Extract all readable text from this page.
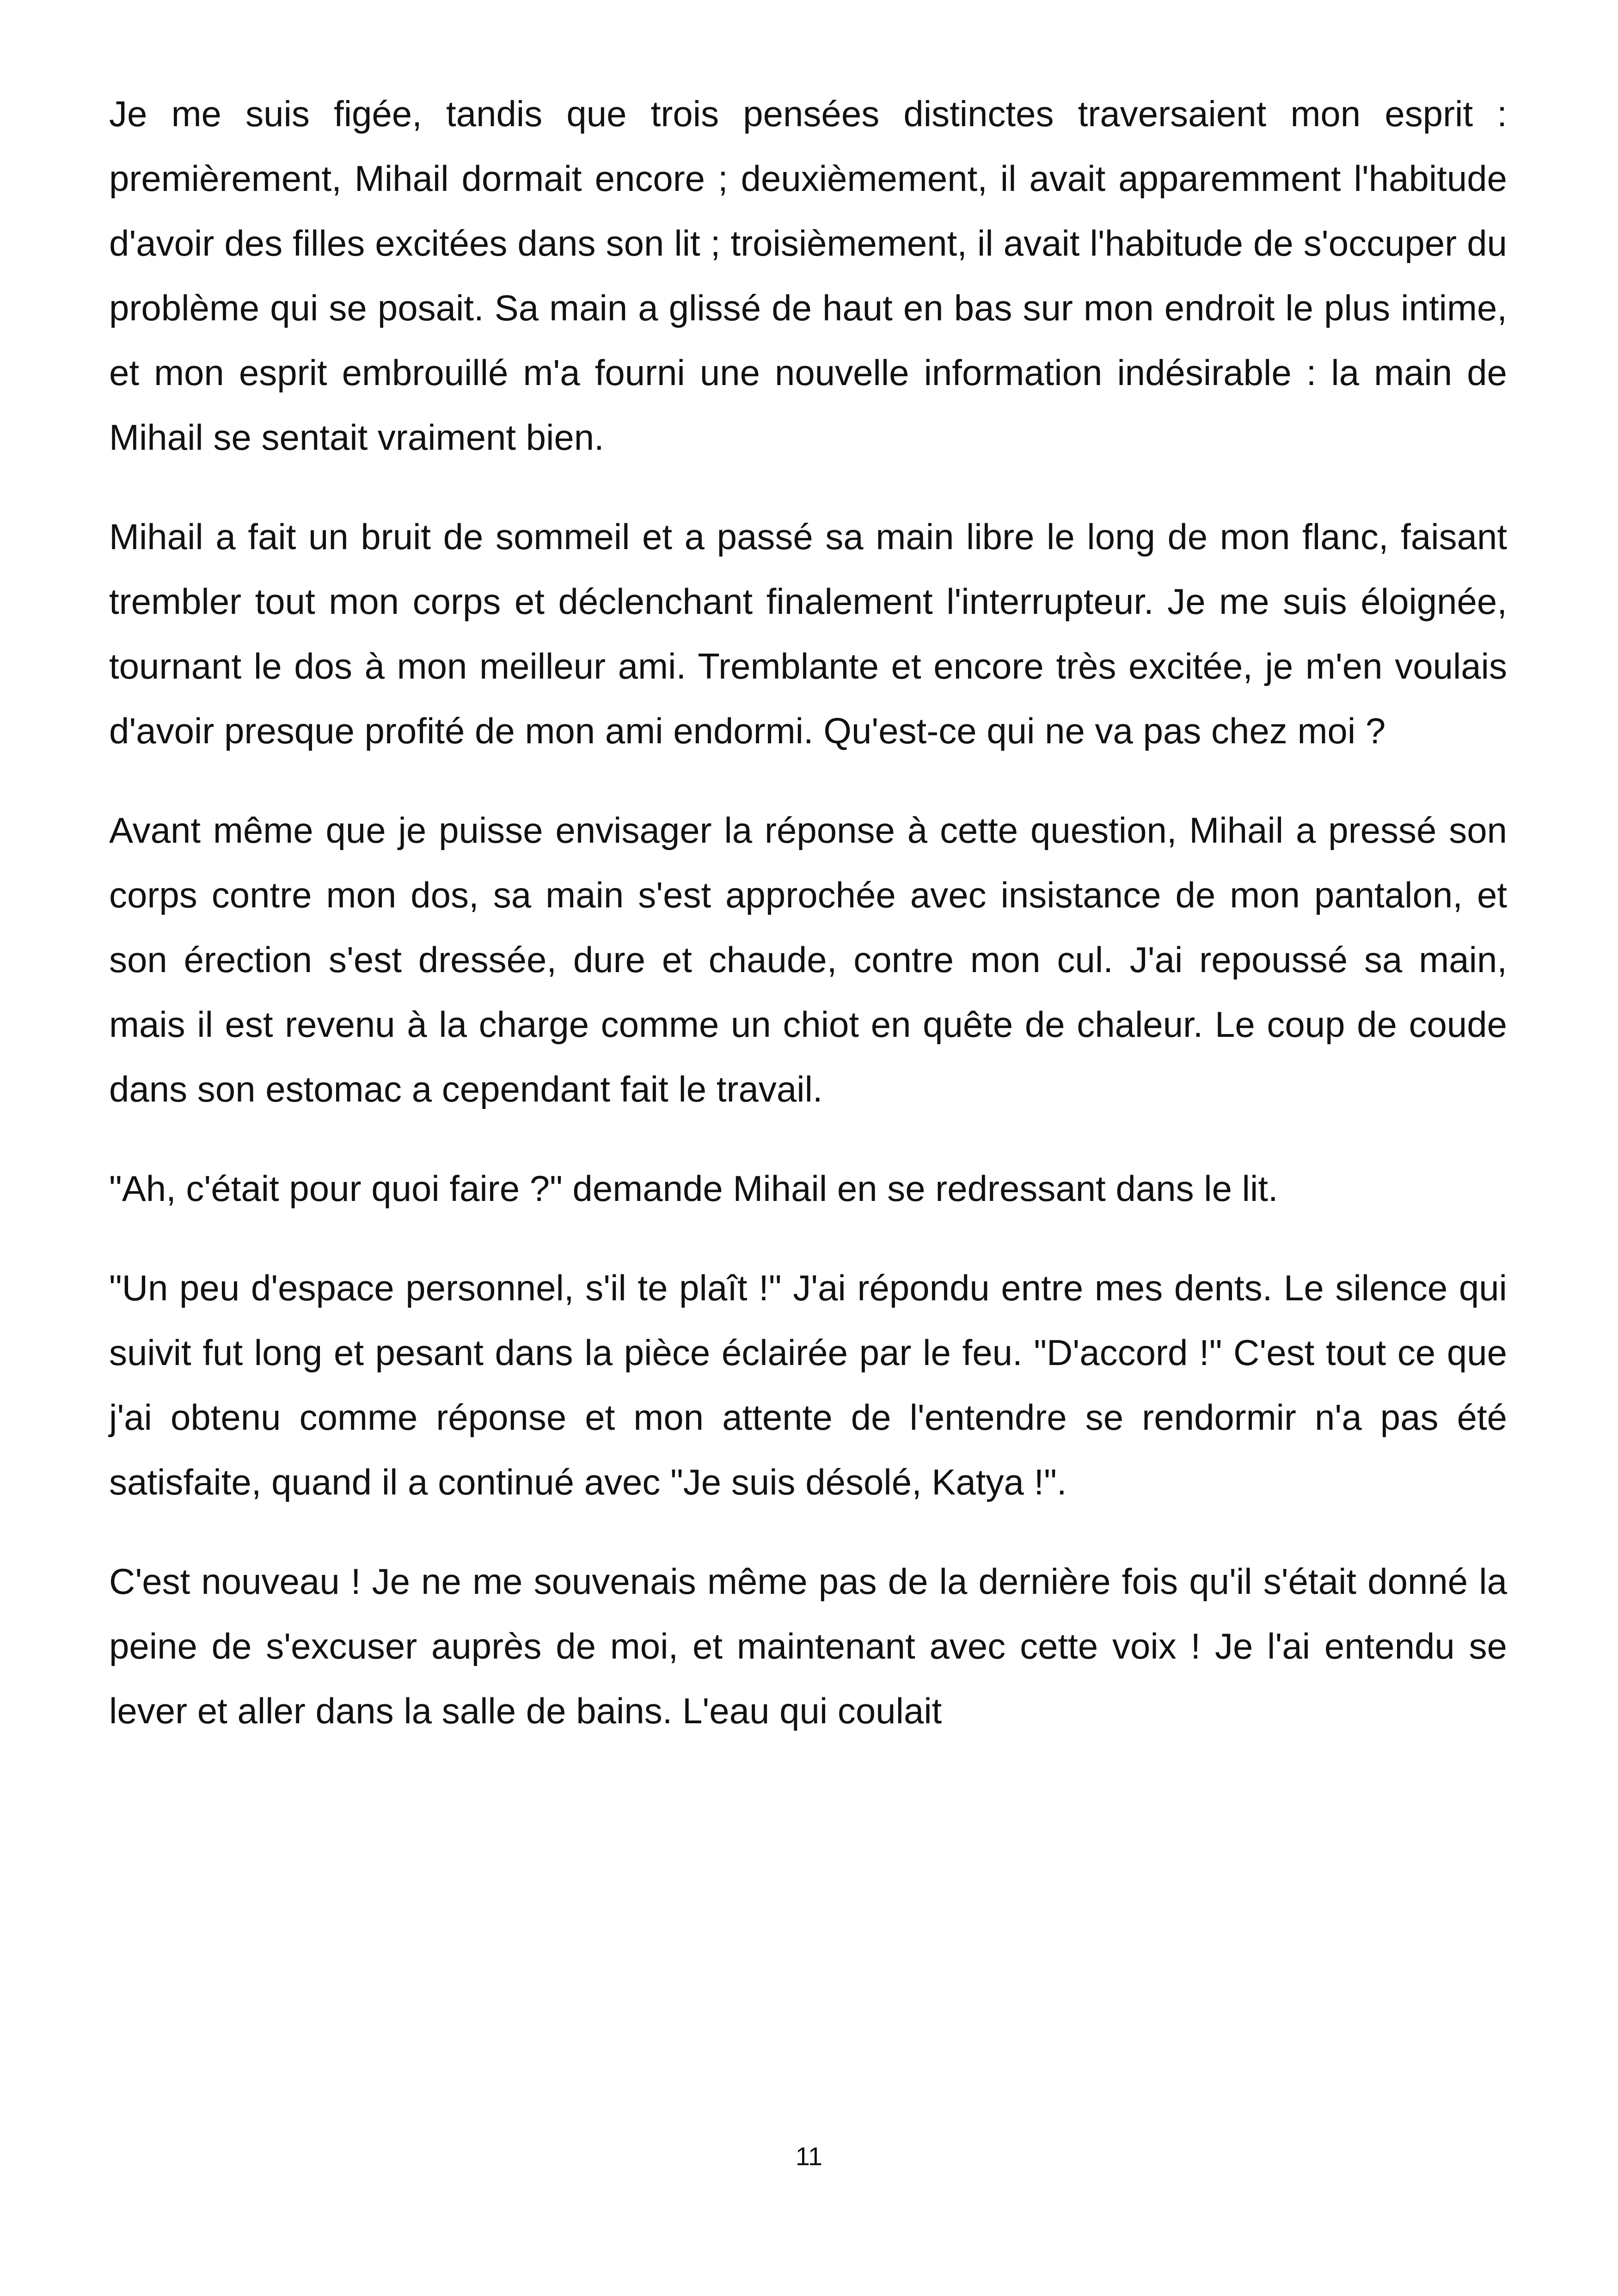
Je me suis figée, tandis que trois pensées distinctes traversaient mon esprit : premièrement, Mihail dormait encore ; deuxièmement, il avait apparemment l'habitude d'avoir des filles excitées dans son lit ; troisièmement, il avait l'habitude de s'occuper du problème qui se posait. Sa main a glissé de haut en bas sur mon endroit le plus intime, et mon esprit embrouillé m'a fourni une nouvelle information indésirable : la main de Mihail se sentait vraiment bien.

Mihail a fait un bruit de sommeil et a passé sa main libre le long de mon flanc, faisant trembler tout mon corps et déclenchant finalement l'interrupteur. Je me suis éloignée, tournant le dos à mon meilleur ami. Tremblante et encore très excitée, je m'en voulais d'avoir presque profité de mon ami endormi. Qu'est-ce qui ne va pas chez moi ?

Avant même que je puisse envisager la réponse à cette question, Mihail a pressé son corps contre mon dos, sa main s'est approchée avec insistance de mon pantalon, et son érection s'est dressée, dure et chaude, contre mon cul. J'ai repoussé sa main, mais il est revenu à la charge comme un chiot en quête de chaleur. Le coup de coude dans son estomac a cependant fait le travail.

"Ah, c'était pour quoi faire ?" demande Mihail en se redressant dans le lit.

"Un peu d'espace personnel, s'il te plaît !" J'ai répondu entre mes dents. Le silence qui suivit fut long et pesant dans la pièce éclairée par le feu. "D'accord !" C'est tout ce que j'ai obtenu comme réponse et mon attente de l'entendre se rendormir n'a pas été satisfaite, quand il a continué avec "Je suis désolé, Katya !".

C'est nouveau ! Je ne me souvenais même pas de la dernière fois qu'il s'était donné la peine de s'excuser auprès de moi, et maintenant avec cette voix ! Je l'ai entendu se lever et aller dans la salle de bains. L'eau qui coulait

11
